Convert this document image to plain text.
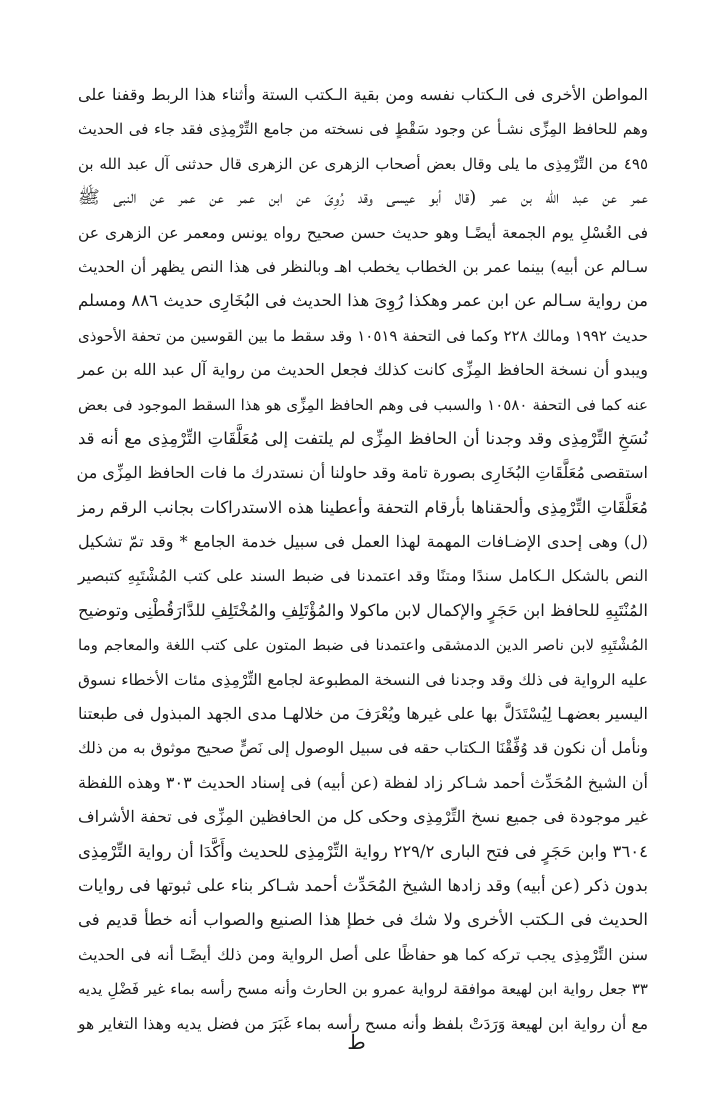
المواطن الأخرى فى الـكتاب نفسه ومن بقية الـكتب الستة وأثناء هذا الربط وقفنا على
وهم للحافظ المِزِّى نشـأ عن وجود سَقْطٍ فى نسخته من جامع التِّرْمِذِى فقد جاء فى الحديث
٤٩٥ من التِّرْمِذِى ما يلى وقال بعض أصحاب الزهرى عن الزهرى قال حدثنى آل عبد الله بن
عمر عن عبد الله بن عمر (قال أبو عيسى وقد رُوِىَ عن ابن عمر عن عمر عن النبى ﷺ
فى الغُسْلِ يوم الجمعة أيضًـا وهو حديث حسن صحيح رواه يونس ومعمر عن الزهرى عن
سـالم عن أبيه) بينما عمر بن الخطاب يخطب اهـ وبالنظر فى هذا النص يظهر أن الحديث
من رواية سـالم عن ابن عمر وهكذا رُوِىَ هذا الحديث فى البُخَارِى حديث ٨٨٦ ومسلم
حديث ١٩٩٢ ومالك ٢٢٨ وكما فى التحفة ١٠٥١٩ وقد سقط ما بين القوسين من تحفة الأحوذى
ويبدو أن نسخة الحافظ المِزِّى كانت كذلك فجعل الحديث من رواية آل عبد الله بن عمر
عنه كما فى التحفة ١٠٥٨٠ والسبب فى وهم الحافظ المِزِّى هو هذا السقط الموجود فى بعض
نُسَخِ التِّرْمِذِى وقد وجدنا أن الحافظ المِزِّى لم يلتفت إلى مُعَلَّقَاتِ التِّرْمِذِى مع أنه قد
استقصى مُعَلَّقَاتِ البُخَارِى بصورة تامة وقد حاولنا أن نستدرك ما فات الحافظ المِزِّى من
مُعَلَّقَاتِ التِّرْمِذِى وألحقناها بأرقام التحفة وأعطينا هذه الاستدراكات بجانب الرقم رمز
(ل) وهى إحدى الإضـافات المهمة لهذا العمل فى سبيل خدمة الجامع * وقد تمّ تشكيل
النص بالشكل الـكامل سندًا ومتنًا وقد اعتمدنا فى ضبط السند على كتب المُشْتَبِهِ كتبصير
المُنْتَبِهِ للحافظ ابن حَجَرٍ والإكمال لابن ماكولا والمُؤْتَلِفِ والمُخْتَلِفِ للدَّارَقُطْنِى وتوضيح
المُشْتَبِهِ لابن ناصر الدين الدمشقى واعتمدنا فى ضبط المتون على كتب اللغة والمعاجم وما
عليه الرواية فى ذلك وقد وجدنا فى النسخة المطبوعة لجامع التِّرْمِذِى مئات الأخطاء نسوق
اليسير بعضهـا لِيُسْتَدَلَّ بها على غيرها ويُعْرَفَ من خلالهـا مدى الجهد المبذول فى طبعتنا
ونأمل أن نكون قد وُفِّقْنَا الـكتاب حقه فى سبيل الوصول إلى نَصٍّ صحيح موثوق به من ذلك
أن الشيخ المُحَدِّث أحمد شـاكر زاد لفظة (عن أبيه) فى إسناد الحديث ٣٠٣ وهذه اللفظة
غير موجودة فى جميع نسخ التِّرْمِذِى وحكى كل من الحافظين المِزِّى فى تحفة الأشراف
٣٦٠٤ وابن حَجَرٍ فى فتح البارى ٢٢٩/٢ رواية التِّرْمِذِى للحديث وأَكَّدَا أن رواية التِّرْمِذِى
بدون ذكر (عن أبيه) وقد زادها الشيخ المُحَدِّث أحمد شـاكر بناء على ثبوتها فى روايات
الحديث فى الـكتب الأخرى ولا شك فى خطإ هذا الصنيع والصواب أنه خطأ قديم فى
سنن التِّرْمِذِى يجب تركه كما هو حفاظًا على أصل الرواية ومن ذلك أيضًـا أنه فى الحديث
٣٣ جعل رواية ابن لهيعة موافقة لرواية عمرو بن الحارث وأنه مسح رأسه بماء غير فَضْلِ يديه
مع أن رواية ابن لهيعة وَرَدَتْ بلفظ وأنه مسح رأسه بماء غَبَرَ من فضل يديه وهذا التغاير هو
ط
